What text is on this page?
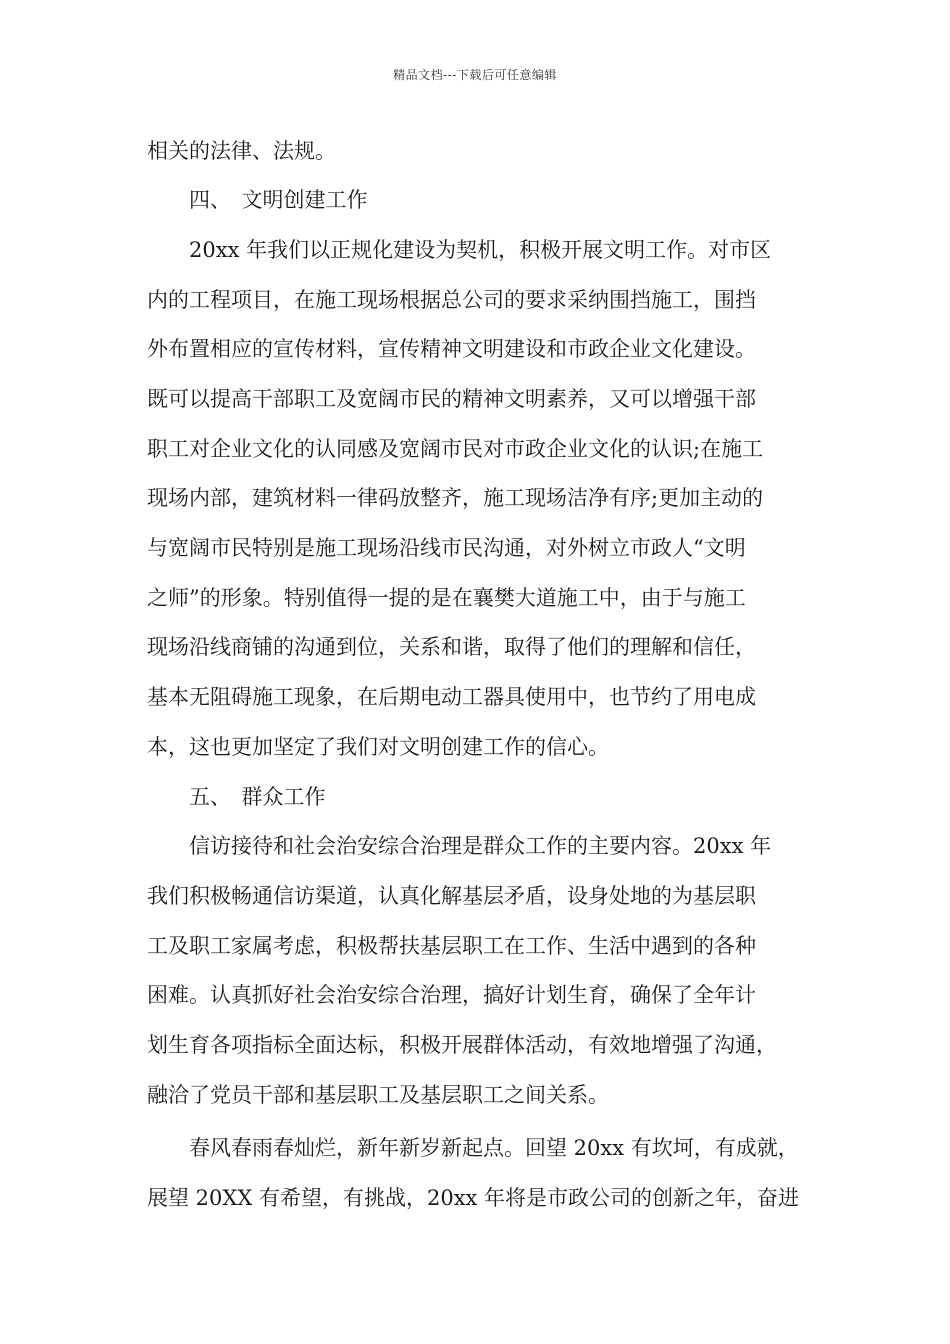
精品文档---下载后可任意编辑
相关的法律、法规。
　　四、　文明创建工作
　　20xx 年我们以正规化建设为契机，积极开展文明工作。对市区
内的工程项目，在施工现场根据总公司的要求采纳围挡施工，围挡
外布置相应的宣传材料，宣传精神文明建设和市政企业文化建设。
既可以提高干部职工及宽阔市民的精神文明素养，又可以增强干部
职工对企业文化的认同感及宽阔市民对市政企业文化的认识;在施工
现场内部，建筑材料一律码放整齐，施工现场洁净有序;更加主动的
与宽阔市民特别是施工现场沿线市民沟通，对外树立市政人“文明
之师”的形象。特别值得一提的是在襄樊大道施工中，由于与施工
现场沿线商铺的沟通到位，关系和谐，取得了他们的理解和信任，
基本无阻碍施工现象，在后期电动工器具使用中，也节约了用电成
本，这也更加坚定了我们对文明创建工作的信心。
　　五、　群众工作
　　信访接待和社会治安综合治理是群众工作的主要内容。20xx 年
我们积极畅通信访渠道，认真化解基层矛盾，设身处地的为基层职
工及职工家属考虑，积极帮扶基层职工在工作、生活中遇到的各种
困难。认真抓好社会治安综合治理，搞好计划生育，确保了全年计
划生育各项指标全面达标，积极开展群体活动，有效地增强了沟通，
融洽了党员干部和基层职工及基层职工之间关系。
　　春风春雨春灿烂，新年新岁新起点。回望 20xx 有坎坷，有成就，
展望 20XX 有希望，有挑战，20xx 年将是市政公司的创新之年，奋进
